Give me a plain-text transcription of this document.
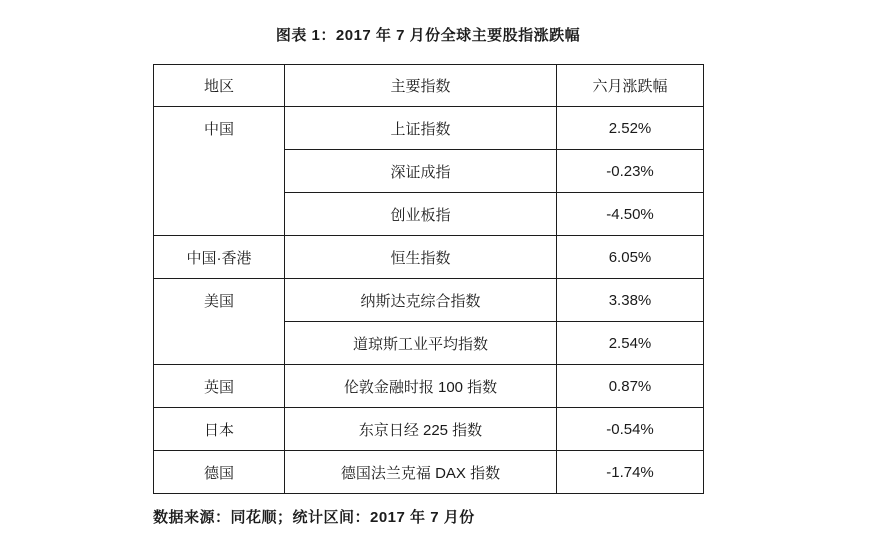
图表 1：2017 年 7 月份全球主要股指涨跌幅
地区	主要指数	六月涨跌幅

中国	上证指数	2.52%
	深证成指	-0.23%
	创业板指	-4.50%
中国·香港	恒生指数	6.05%

美国	纳斯达克综合指数	3.38%
	道琼斯工业平均指数	2.54%
英国	伦敦金融时报 100 指数	0.87%
日本	东京日经 225 指数	-0.54%
德国	德国法兰克福 DAX 指数	-1.74%
数据来源：同花顺；统计区间：2017 年 7 月份
